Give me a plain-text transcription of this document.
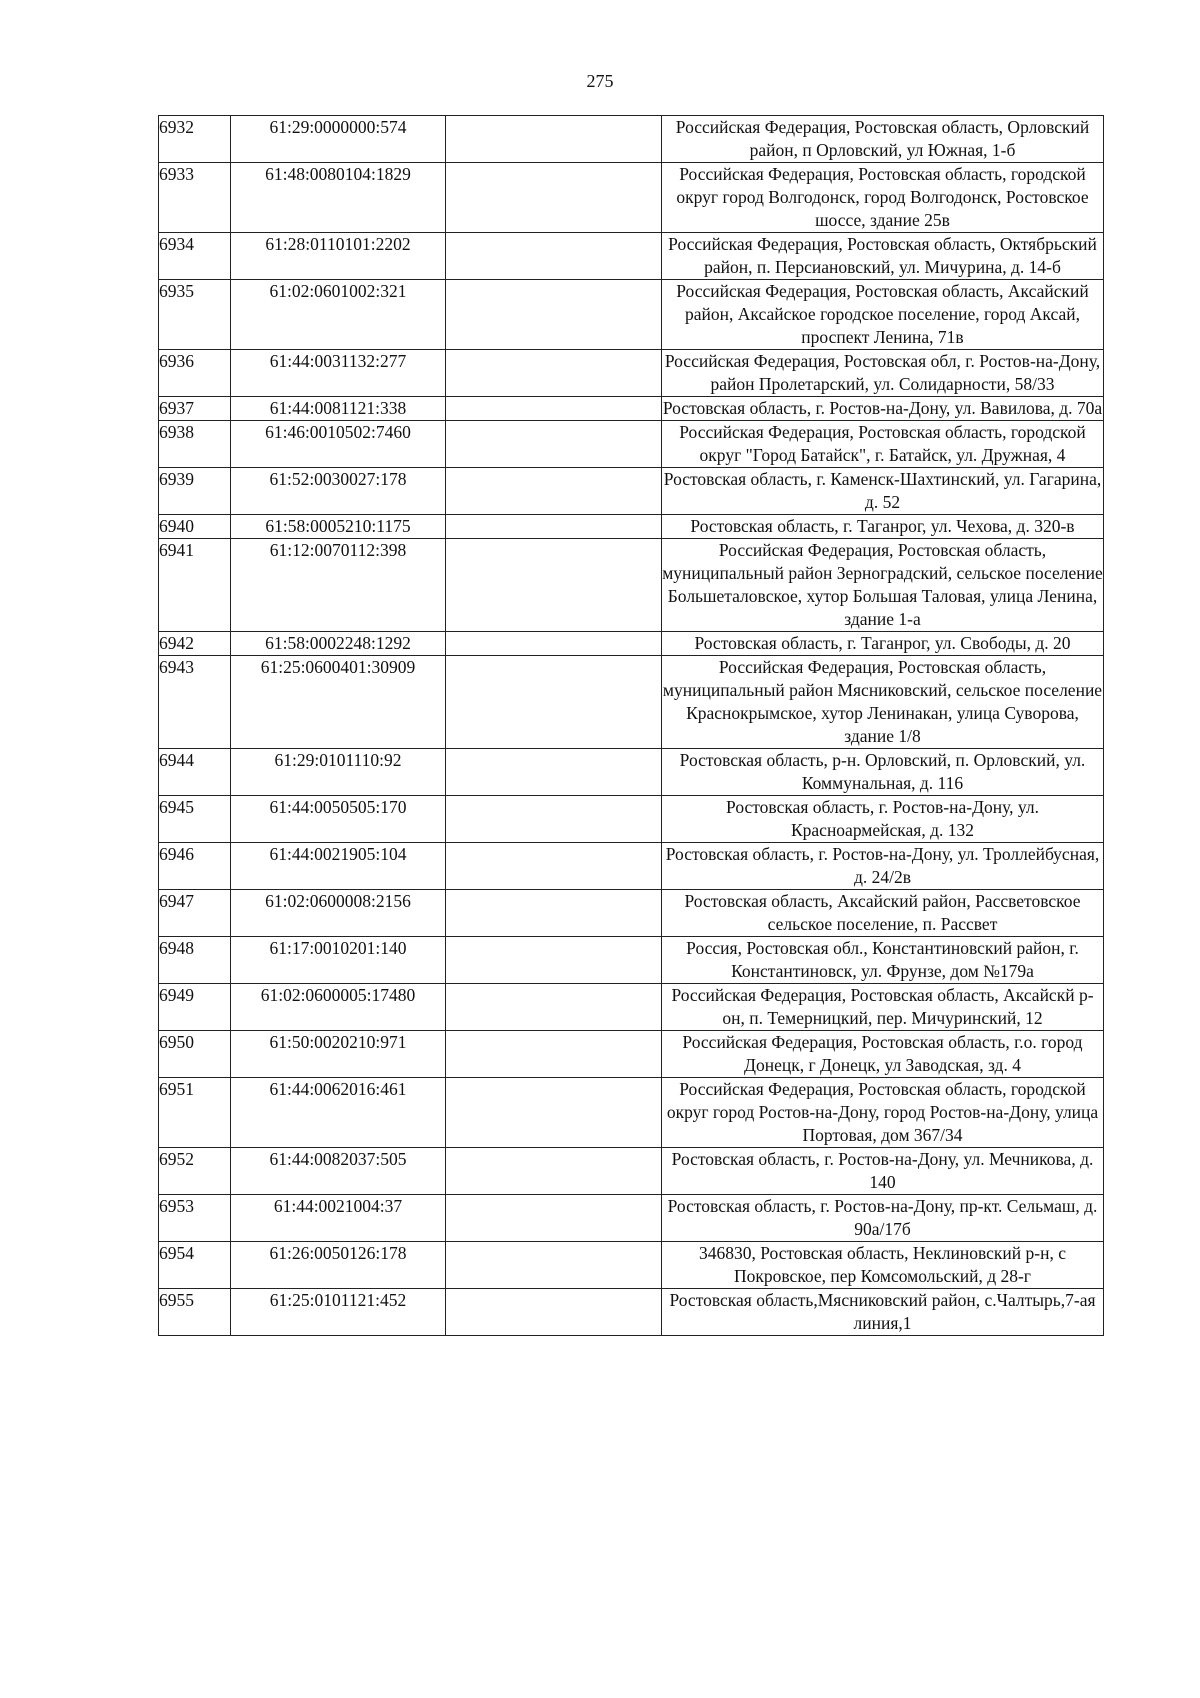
275
6932	61:29:0000000:574		Российская Федерация, Ростовская область, Орловский район, п Орловский, ул Южная, 1-б
6933	61:48:0080104:1829		Российская Федерация, Ростовская область, городской округ город Волгодонск, город Волгодонск, Ростовское шоссе, здание 25в
6934	61:28:0110101:2202		Российская Федерация, Ростовская область, Октябрьский район, п. Персиановский, ул. Мичурина, д. 14-б
6935	61:02:0601002:321		Российская Федерация, Ростовская область, Аксайский район, Аксайское городское поселение, город Аксай, проспект Ленина, 71в
6936	61:44:0031132:277		Российская Федерация, Ростовская обл, г. Ростов-на-Дону, район Пролетарский, ул. Солидарности, 58/33
6937	61:44:0081121:338		Ростовская область, г. Ростов-на-Дону, ул. Вавилова, д. 70а
6938	61:46:0010502:7460		Российская Федерация, Ростовская область, городской округ "Город Батайск", г. Батайск, ул. Дружная, 4
6939	61:52:0030027:178		Ростовская область, г. Каменск-Шахтинский, ул. Гагарина, д. 52
6940	61:58:0005210:1175		Ростовская область, г. Таганрог, ул. Чехова, д. 320-в
6941	61:12:0070112:398		Российская Федерация, Ростовская область, муниципальный район Зерноградский, сельское поселение Большеталовское, хутор Большая Таловая, улица Ленина, здание 1-а
6942	61:58:0002248:1292		Ростовская область, г. Таганрог, ул. Свободы, д. 20
6943	61:25:0600401:30909		Российская Федерация, Ростовская область, муниципальный район Мясниковский, сельское поселение Краснокрымское, хутор Ленинакан, улица Суворова, здание 1/8
6944	61:29:0101110:92		Ростовская область, р-н. Орловский, п. Орловский, ул. Коммунальная, д. 116
6945	61:44:0050505:170		Ростовская область, г. Ростов-на-Дону, ул. Красноармейская, д. 132
6946	61:44:0021905:104		Ростовская область, г. Ростов-на-Дону, ул. Троллейбусная, д. 24/2в
6947	61:02:0600008:2156		Ростовская область, Аксайский район, Рассветовское сельское поселение, п. Рассвет
6948	61:17:0010201:140		Россия, Ростовская обл., Константиновский район, г. Константиновск, ул. Фрунзе, дом №179а
6949	61:02:0600005:17480		Российская Федерация, Ростовская область, Аксайскй р-он, п. Темерницкий, пер. Мичуринский, 12
6950	61:50:0020210:971		Российская Федерация, Ростовская область, г.о. город Донецк, г Донецк, ул Заводская, зд. 4
6951	61:44:0062016:461		Российская Федерация, Ростовская область, городской округ город Ростов-на-Дону, город Ростов-на-Дону, улица Портовая, дом 367/34
6952	61:44:0082037:505		Ростовская область, г. Ростов-на-Дону, ул. Мечникова, д. 140
6953	61:44:0021004:37		Ростовская область, г. Ростов-на-Дону, пр-кт. Сельмаш, д. 90а/17б
6954	61:26:0050126:178		346830, Ростовская область, Неклиновский р-н, с Покровское, пер Комсомольский, д 28-г
6955	61:25:0101121:452		Ростовская область,Мясниковский район, с.Чалтырь,7-ая линия,1
